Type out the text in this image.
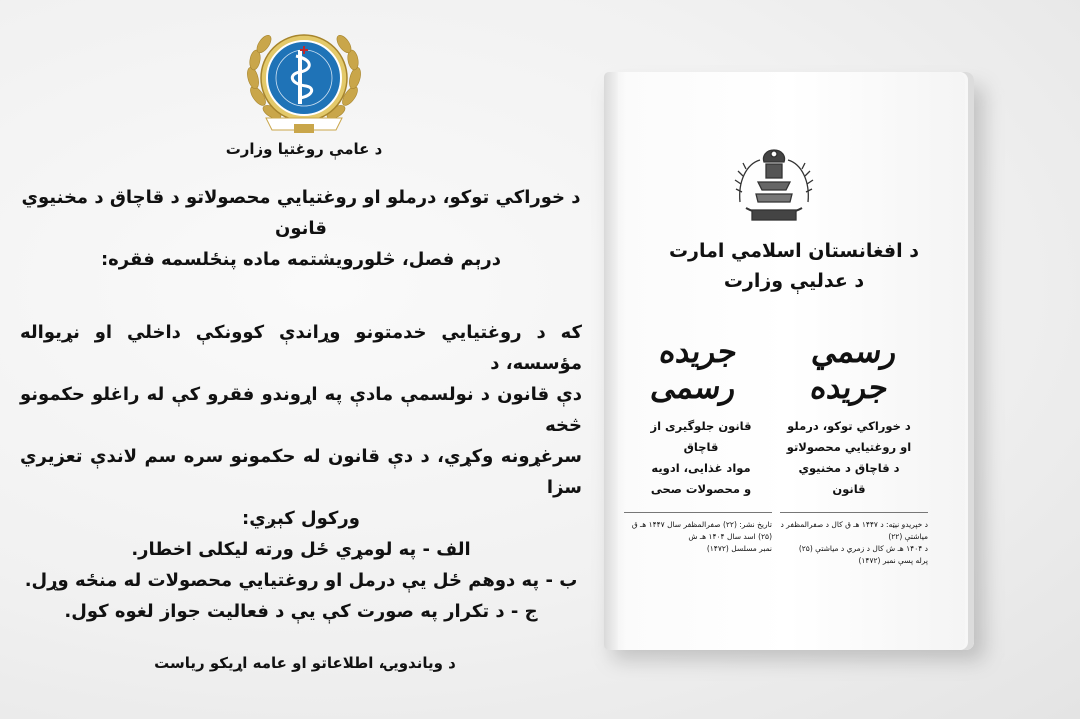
د عامې روغتيا وزارت

د خوراکي توکو، درملو او روغتيايي محصولاتو د قاچاق د مخنيوي قانون

درېم فصل، څلورويشتمه ماده پنځلسمه فقره:

که د روغتيايي خدمتونو وړاندې کوونکې داخلي او نړيواله مؤسسه، د

دې قانون د نولسمې مادې په اړوندو فقرو کې له راغلو حکمونو څخه

سرغړونه وکړي، د دې قانون له حکمونو سره سم لاندې تعزيري سزا

ورکول کېږي:

الف - په لومړي ځل ورته ليکلی اخطار.

ب - په دوهم ځل يې درمل او روغتيايي محصولات له منځه وړل.

ج - د تکرار په صورت کې يې د فعاليت جواز لغوه کول.

د وياندويۍ، اطلاعاتو او عامه اړيکو رياست
د افغانستان اسلامي امارت
د عدلیې وزارت
رسمي جريده
جريده رسمی
د خوراکي توکو، درملو
او روغتيايي محصولاتو
د قاچاق د مخنيوي قانون
قانون جلوگيری از قاچاق
مواد غذايی، ادويه
و محصولات صحی
د خپريدو نيټه: د ۱۴۴۷ هـ ق کال د صفرالمظفر د مياشتې (۲۲)
د ۱۴۰۴ هـ ش کال د زمري د مياشتې (۲۵)
پرله پسې نمبر (۱۴۷۲)
تاريخ نشر: (۲۲) صفرالمظفر سال ۱۴۴۷ هـ ق
(۲۵) اسد سال ۱۴۰۴ هـ ش
نمبر مسلسل (۱۴۷۲)
